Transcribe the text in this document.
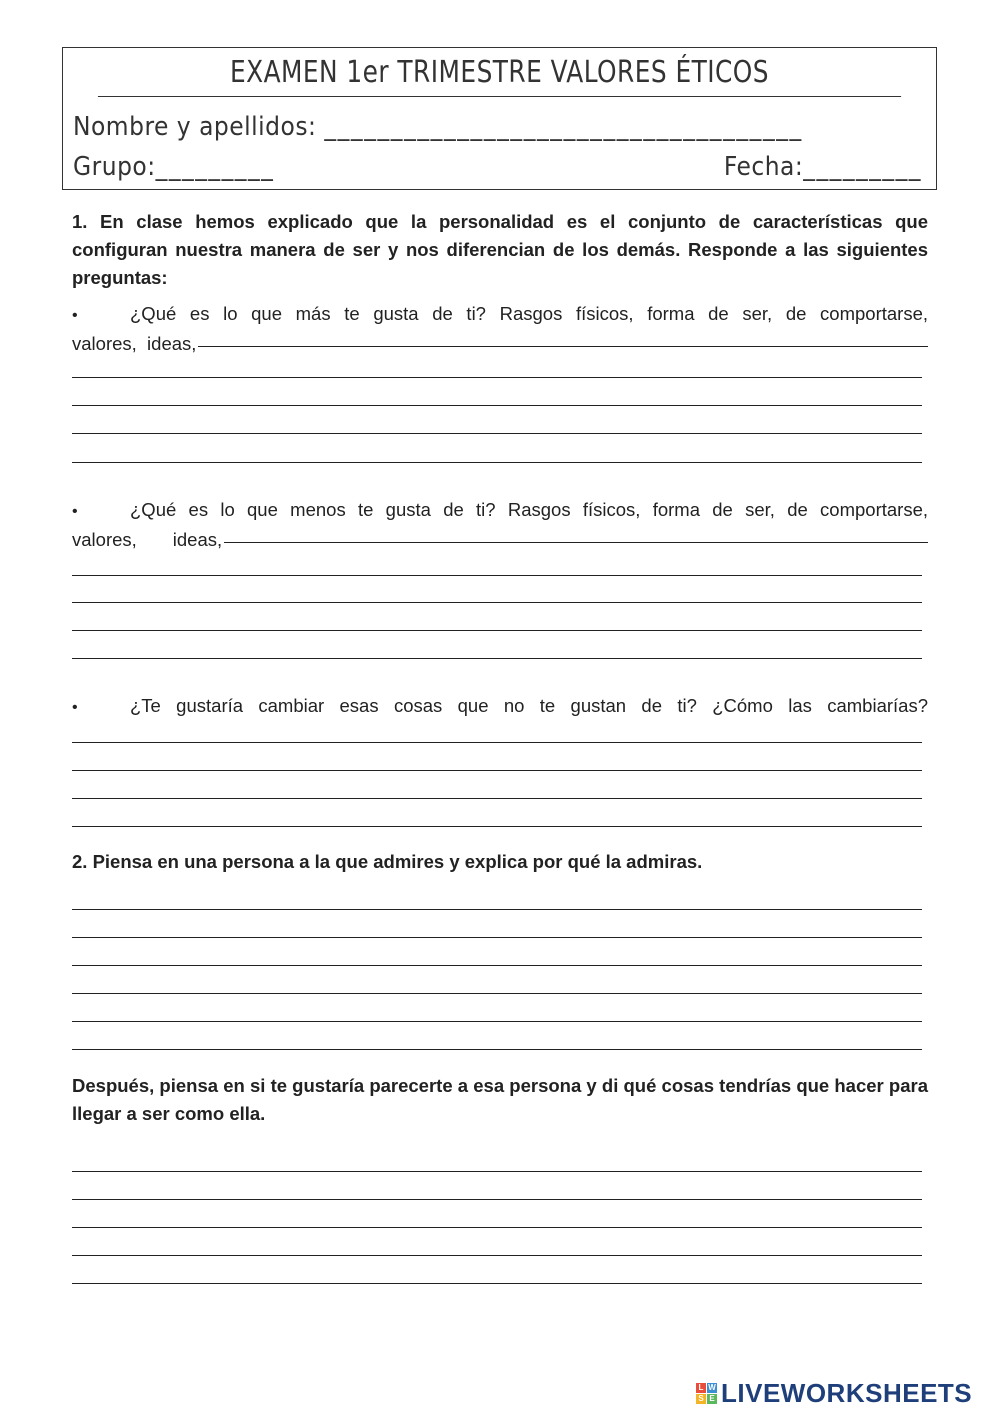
EXAMEN 1er TRIMESTRE VALORES ÉTICOS
Nombre y apellidos: ____________________________________
Grupo:_________	Fecha:_________
1. En clase hemos explicado que la personalidad es el conjunto de características que configuran nuestra manera de ser y nos diferencian de los demás. Responde a las siguientes preguntas:
•	¿Qué es lo que más te gusta de ti? Rasgos físicos, forma de ser, de comportarse,
valores,  ideas,
•	¿Qué es lo que menos te gusta de ti? Rasgos físicos, forma de ser, de comportarse,
valores,       ideas,
•	¿Te gustaría cambiar esas cosas que no te gustan de ti? ¿Cómo las cambiarías?
2. Piensa en una persona a la que admires y explica por qué la admiras.
Después, piensa en si te gustaría parecerte a esa persona y di qué cosas tendrías que hacer para llegar a ser como ella.
L W
S E LIVEWORKSHEETS
